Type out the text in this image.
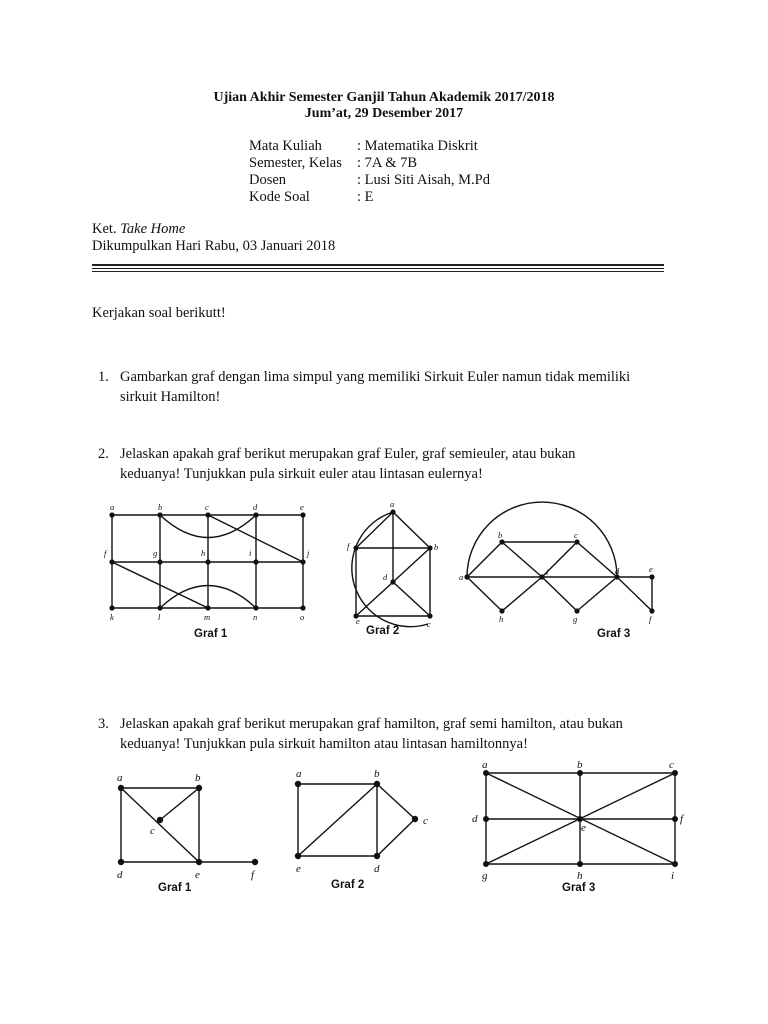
Ujian Akhir Semester Ganjil Tahun Akademik 2017/2018
Jum’at, 29 Desember 2017
Mata Kuliah : Matematika Diskrit
Semester, Kelas : 7A & 7B
Dosen	: Lusi Siti Aisah, M.Pd
Kode Soal	: E
Ket. Take Home
Dikumpulkan Hari Rabu, 03 Januari 2018
Kerjakan soal berikutt!
1. Gambarkan graf dengan lima simpul yang memiliki Sirkuit Euler namun tidak memiliki
sirkuit Hamilton!
2. Jelaskan apakah graf berikut merupakan graf Euler, graf semieuler, atau bukan
keduanya! Tunjukkan pula sirkuit euler atau lintasan eulernya!
a	b	c	d	e
f	g	h	i	j
k	l	m	n	o
Graf 1
a
b
c
d
e
f
Graf 2
a
b	c
d	e
f
g
h
i
Graf 3
3. Jelaskan apakah graf berikut merupakan graf hamilton, graf semi hamilton, atau bukan
keduanya! Tunjukkan pula sirkuit hamilton atau lintasan hamiltonnya!
a	b
c
d	e	f
Graf 1
a	b
c
d
e
Graf 2
a	b	c
d
e
f
g	h	i
Graf 3
